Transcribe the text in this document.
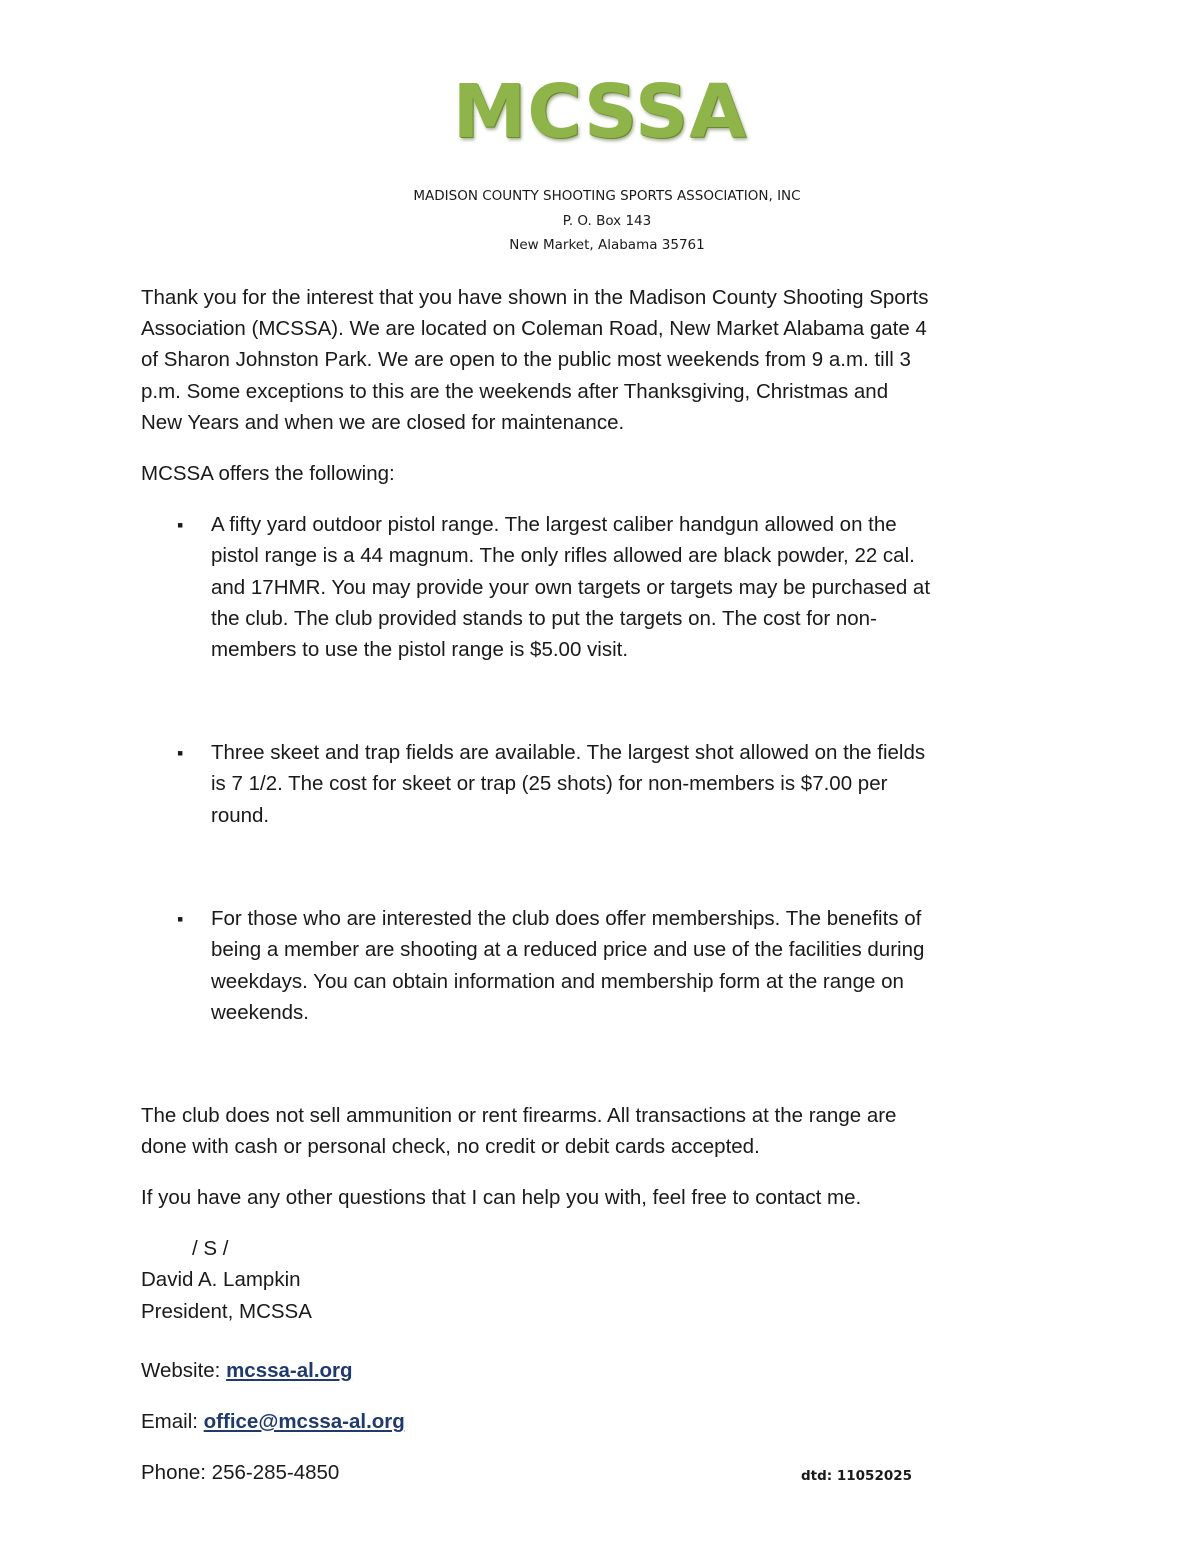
MCSSA
MADISON COUNTY SHOOTING SPORTS ASSOCIATION, INC
P. O. Box 143
New Market, Alabama 35761
Thank you for the interest that you have shown in the Madison County Shooting Sports
Association (MCSSA). We are located on Coleman Road, New Market Alabama gate 4
of Sharon Johnston Park. We are open to the public most weekends from 9 a.m. till 3
p.m. Some exceptions to this are the weekends after Thanksgiving, Christmas and
New Years and when we are closed for maintenance.
MCSSA offers the following:
▪ A fifty yard outdoor pistol range. The largest caliber handgun allowed on the
pistol range is a 44 magnum. The only rifles allowed are black powder, 22 cal.
and 17HMR. You may provide your own targets or targets may be purchased at
the club. The club provided stands to put the targets on. The cost for non-
members to use the pistol range is $5.00 visit.
▪ Three skeet and trap fields are available. The largest shot allowed on the fields
is 7 1/2. The cost for skeet or trap (25 shots) for non-members is $7.00 per
round.
▪ For those who are interested the club does offer memberships. The benefits of
being a member are shooting at a reduced price and use of the facilities during
weekdays. You can obtain information and membership form at the range on
weekends.
The club does not sell ammunition or rent firearms. All transactions at the range are
done with cash or personal check, no credit or debit cards accepted.
If you have any other questions that I can help you with, feel free to contact me.
/ S /
David A. Lampkin
President, MCSSA
Website: mcssa-al.org
Email: office@mcssa-al.org
Phone: 256-285-4850	dtd: 11052025
